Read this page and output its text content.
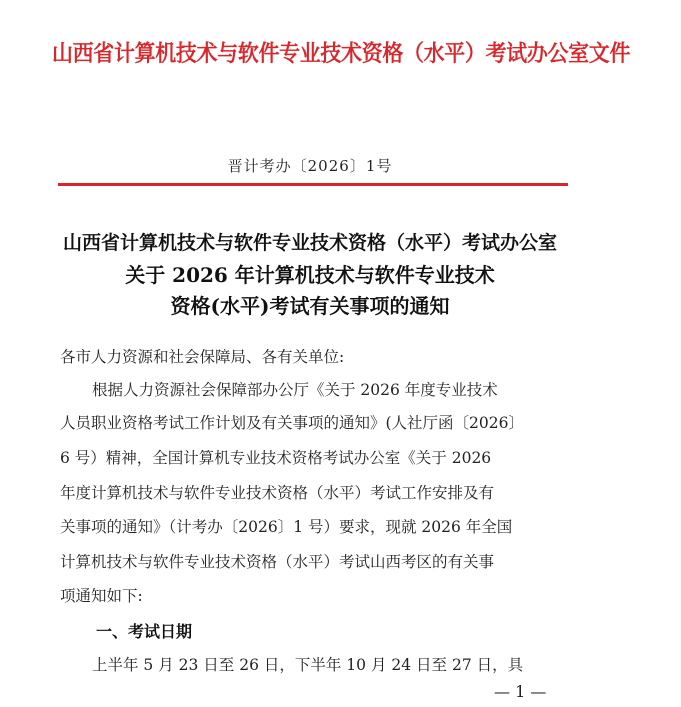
山西省计算机技术与软件专业技术资格（水平）考试办公室文件
晋计考办〔2026〕1号
山西省计算机技术与软件专业技术资格（水平）考试办公室
关于 2026 年计算机技术与软件专业技术
资格(水平)考试有关事项的通知
各市人力资源和社会保障局、各有关单位:
根据人力资源社会保障部办公厅《关于 2026 年度专业技术
人员职业资格考试工作计划及有关事项的通知》(人社厅函〔2026〕
6 号）精神，全国计算机专业技术资格考试办公室《关于 2026
年度计算机技术与软件专业技术资格（水平）考试工作安排及有
关事项的通知》（计考办〔2026〕1 号）要求，现就 2026 年全国
计算机技术与软件专业技术资格（水平）考试山西考区的有关事
项通知如下:
一、考试日期
上半年 5 月 23 日至 26 日，下半年 10 月 24 日至 27 日，具
— 1 —
